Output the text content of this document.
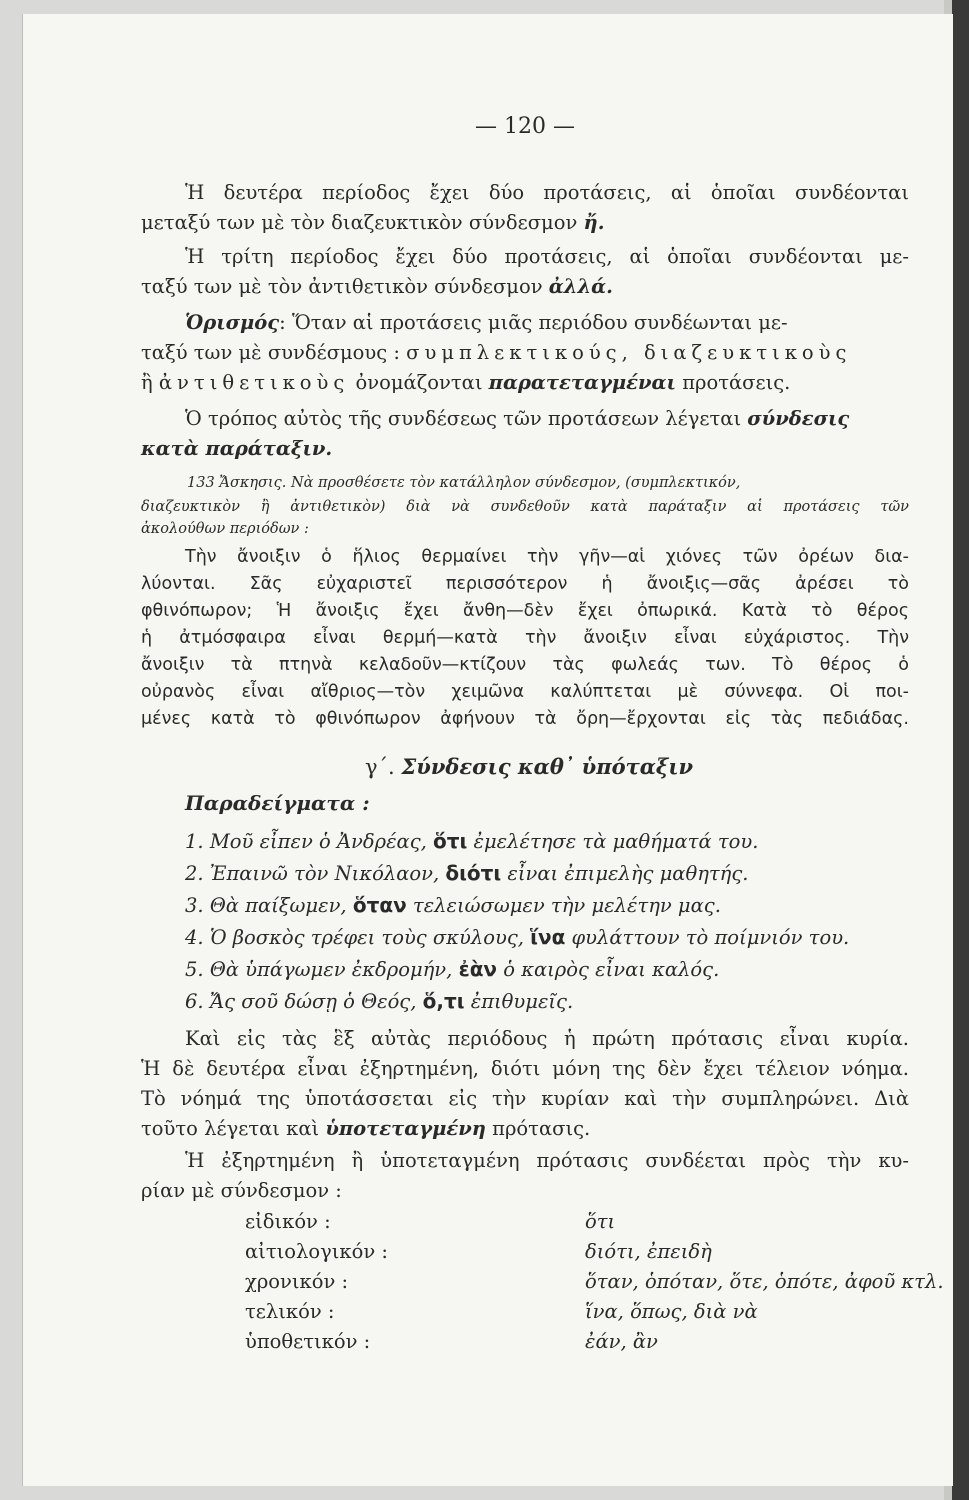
— 120 —
Ἡ δευτέρα περίοδος ἔχει δύο προτάσεις, αἱ ὁποῖαι συνδέονται
μεταξύ των μὲ τὸν διαζευκτικὸν σύνδεσμον ἤ.
Ἡ τρίτη περίοδος ἔχει δύο προτάσεις, αἱ ὁποῖαι συνδέονται με-
ταξύ των μὲ τὸν ἀντιθετικὸν σύνδεσμον ἀλλά.
Ὁρισμός: Ὅταν αἱ προτάσεις μιᾶς περιόδου συνδέωνται με-
ταξύ των μὲ συνδέσμους : συμπλεκτικούς, διαζευκτικοὺς
ἢ ἀντιθετικοὺς ὀνομάζονται παρατεταγμέναι προτάσεις.
Ὁ τρόπος αὐτὸς τῆς συνδέσεως τῶν προτάσεων λέγεται σύνδεσις
κατὰ παράταξιν.
133 Ἄσκησις. Νὰ προσθέσετε τὸν κατάλληλον σύνδεσμον, (συμπλεκτικόν,
διαζευκτικὸν ἢ ἀντιθετικὸν) διὰ νὰ συνδεθοῦν κατὰ παράταξιν αἱ προτάσεις τῶν
ἀκολούθων περιόδων :
Τὴν ἄνοιξιν ὁ ἥλιος θερμαίνει τὴν γῆν—αἱ χιόνες τῶν ὀρέων δια-
λύονται. Σᾶς εὐχαριστεῖ περισσότερον ἡ ἄνοιξις—σᾶς ἀρέσει τὸ
φθινόπωρον; Ἡ ἄνοιξις ἔχει ἄνθη—δὲν ἔχει ὀπωρικά. Κατὰ τὸ θέρος
ἡ ἀτμόσφαιρα εἶναι θερμή—κατὰ τὴν ἄνοιξιν εἶναι εὐχάριστος. Τὴν
ἄνοιξιν τὰ πτηνὰ κελαδοῦν—κτίζουν τὰς φωλεάς των. Τὸ θέρος ὁ
οὐρανὸς εἶναι αἴθριος—τὸν χειμῶνα καλύπτεται μὲ σύννεφα. Οἱ ποι-
μένες κατὰ τὸ φθινόπωρον ἀφήνουν τὰ ὄρη—ἔρχονται εἰς τὰς πεδιάδας.
γ΄. Σύνδεσις καθ᾽ ὑπόταξιν
Παραδείγματα :
1. Μοῦ εἶπεν ὁ Ἀνδρέας, ὅτι ἐμελέτησε τὰ μαθήματά του.
2. Ἐπαινῶ τὸν Νικόλαον, διότι εἶναι ἐπιμελὴς μαθητής.
3. Θὰ παίξωμεν, ὅταν τελειώσωμεν τὴν μελέτην μας.
4. Ὁ βοσκὸς τρέφει τοὺς σκύλους, ἵνα φυλάττουν τὸ ποίμνιόν του.
5. Θὰ ὑπάγωμεν ἐκδρομήν, ἐὰν ὁ καιρὸς εἶναι καλός.
6. Ἄς σοῦ δώσῃ ὁ Θεός, ὅ,τι ἐπιθυμεῖς.
Καὶ εἰς τὰς ἓξ αὐτὰς περιόδους ἡ πρώτη πρότασις εἶναι κυρία.
Ἡ δὲ δευτέρα εἶναι ἐξηρτημένη, διότι μόνη της δὲν ἔχει τέλειον νόημα.
Τὸ νόημά της ὑποτάσσεται εἰς τὴν κυρίαν καὶ τὴν συμπληρώνει. Διὰ
τοῦτο λέγεται καὶ ὑποτεταγμένη πρότασις.
Ἡ ἐξηρτημένη ἢ ὑποτεταγμένη πρότασις συνδέεται πρὸς τὴν κυ-
ρίαν μὲ σύνδεσμον :
εἰδικόν :	ὅτι
αἰτιολογικόν :	διότι, ἐπειδὴ
χρονικόν :	ὅταν, ὁπόταν, ὅτε, ὁπότε, ἀφοῦ κτλ.
τελικόν :	ἵνα, ὅπως, διὰ νὰ
ὑποθετικόν :	ἐάν, ἂν
